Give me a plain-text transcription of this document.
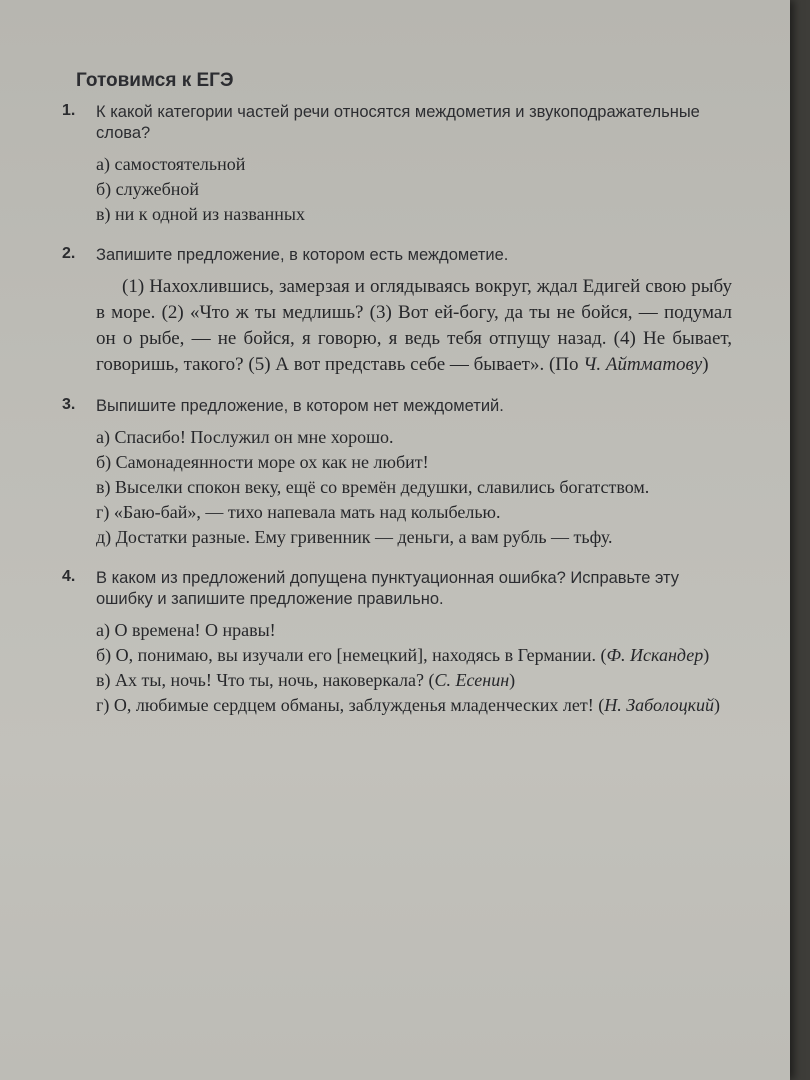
Готовимся к ЕГЭ
1. К какой категории частей речи относятся междометия и звукоподражательные слова?
а) самостоятельной
б) служебной
в) ни к одной из названных
2. Запишите предложение, в котором есть междометие.
(1) Нахохлившись, замерзая и оглядываясь вокруг, ждал Едигей свою рыбу в море. (2) «Что ж ты медлишь? (3) Вот ей-богу, да ты не бойся, — подумал он о рыбе, — не бойся, я говорю, я ведь тебя отпущу назад. (4) Не бывает, говоришь, такого? (5) А вот представь себе — бывает». (По Ч. Айтматову)
3. Выпишите предложение, в котором нет междометий.
а) Спасибо! Послужил он мне хорошо.
б) Самонадеянности море ох как не любит!
в) Выселки спокон веку, ещё со времён дедушки, славились богатством.
г) «Баю-бай», — тихо напевала мать над колыбелью.
д) Достатки разные. Ему гривенник — деньги, а вам рубль — тьфу.
4. В каком из предложений допущена пунктуационная ошибка? Исправьте эту ошибку и запишите предложение правильно.
а) О времена! О нравы!
б) О, понимаю, вы изучали его [немецкий], находясь в Германии. (Ф. Искандер)
в) Ах ты, ночь! Что ты, ночь, наковеркала? (С. Есенин)
г) О, любимые сердцем обманы, заблужденья младенческих лет! (Н. Заболоцкий)
